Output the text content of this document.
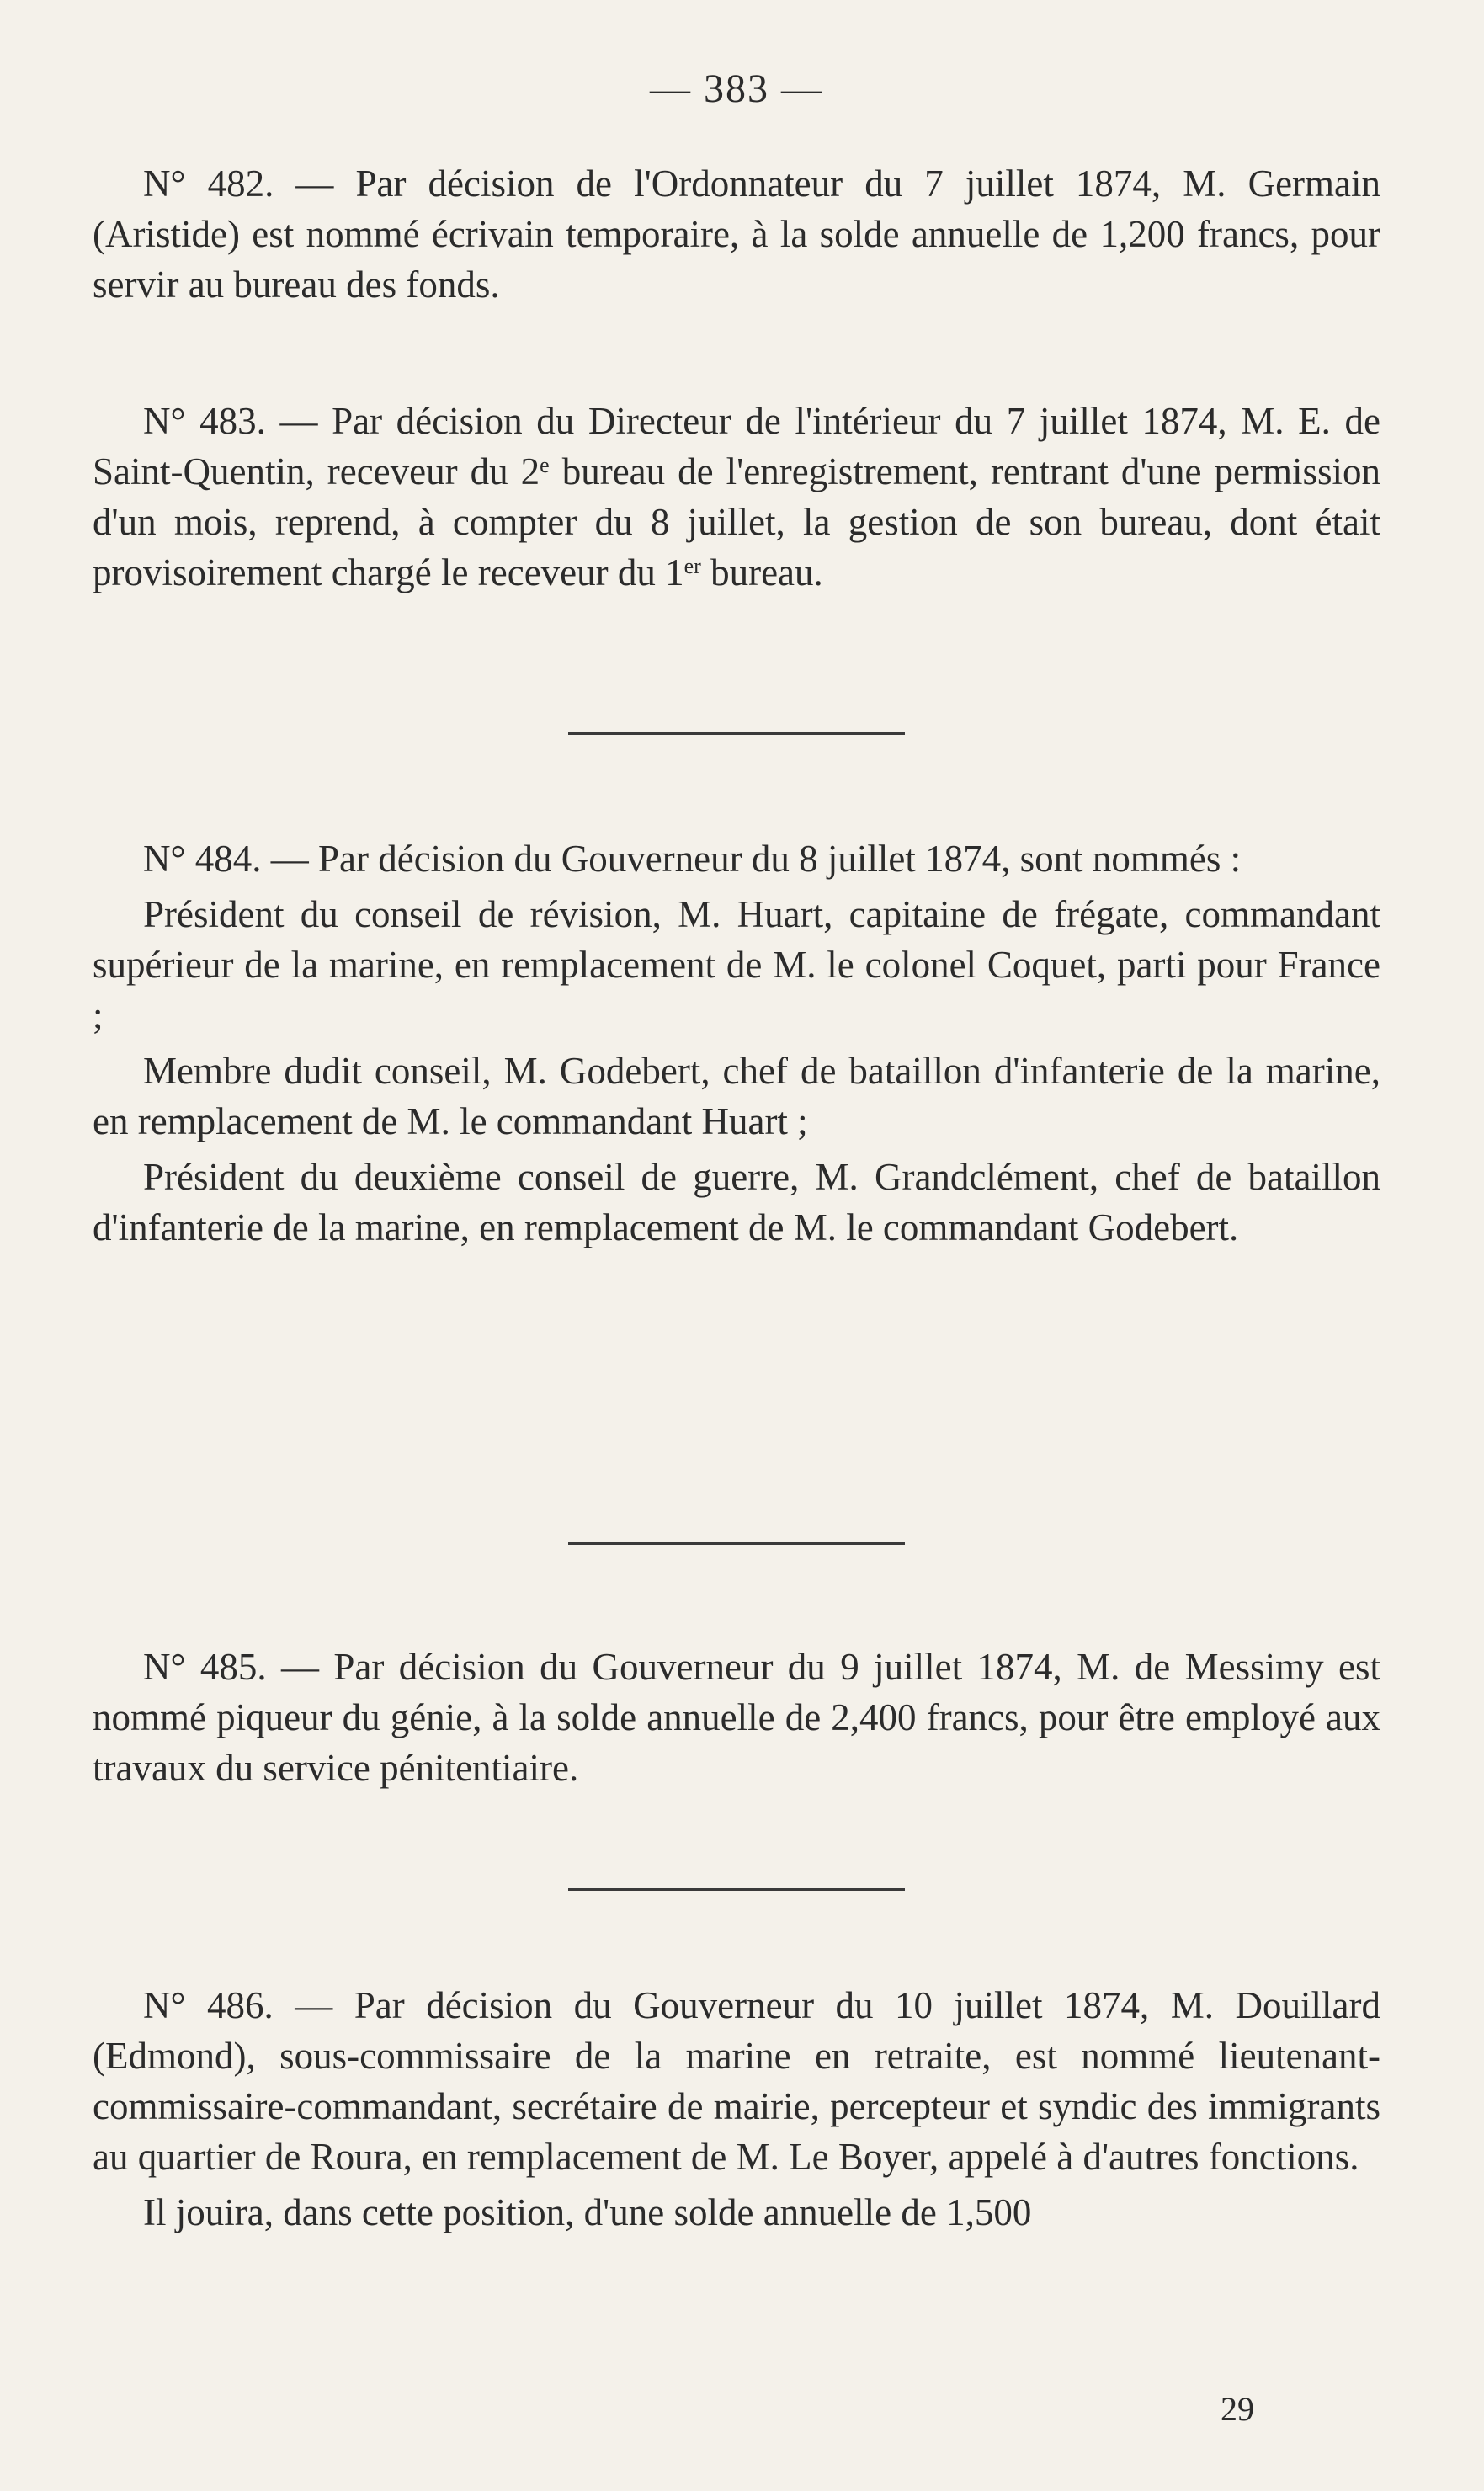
— 383 —

N° 482. — Par décision de l'Ordonnateur du 7 juillet 1874, M. Germain (Aristide) est nommé écrivain temporaire, à la solde annuelle de 1,200 francs, pour servir au bureau des fonds.

N° 483. — Par décision du Directeur de l'intérieur du 7 juillet 1874, M. E. de Saint-Quentin, receveur du 2e bureau de l'enregistrement, rentrant d'une permission d'un mois, reprend, à compter du 8 juillet, la gestion de son bureau, dont était provisoirement chargé le receveur du 1er bureau.

N° 484. — Par décision du Gouverneur du 8 juillet 1874, sont nommés :

Président du conseil de révision, M. Huart, capitaine de frégate, commandant supérieur de la marine, en remplacement de M. le colonel Coquet, parti pour France ;

Membre dudit conseil, M. Godebert, chef de bataillon d'infanterie de la marine, en remplacement de M. le commandant Huart ;

Président du deuxième conseil de guerre, M. Grandclément, chef de bataillon d'infanterie de la marine, en remplacement de M. le commandant Godebert.

N° 485. — Par décision du Gouverneur du 9 juillet 1874, M. de Messimy est nommé piqueur du génie, à la solde annuelle de 2,400 francs, pour être employé aux travaux du service pénitentiaire.

N° 486. — Par décision du Gouverneur du 10 juillet 1874, M. Douillard (Edmond), sous-commissaire de la marine en retraite, est nommé lieutenant-commissaire-commandant, secrétaire de mairie, percepteur et syndic des immigrants au quartier de Roura, en remplacement de M. Le Boyer, appelé à d'autres fonctions.

Il jouira, dans cette position, d'une solde annuelle de 1,500

29
